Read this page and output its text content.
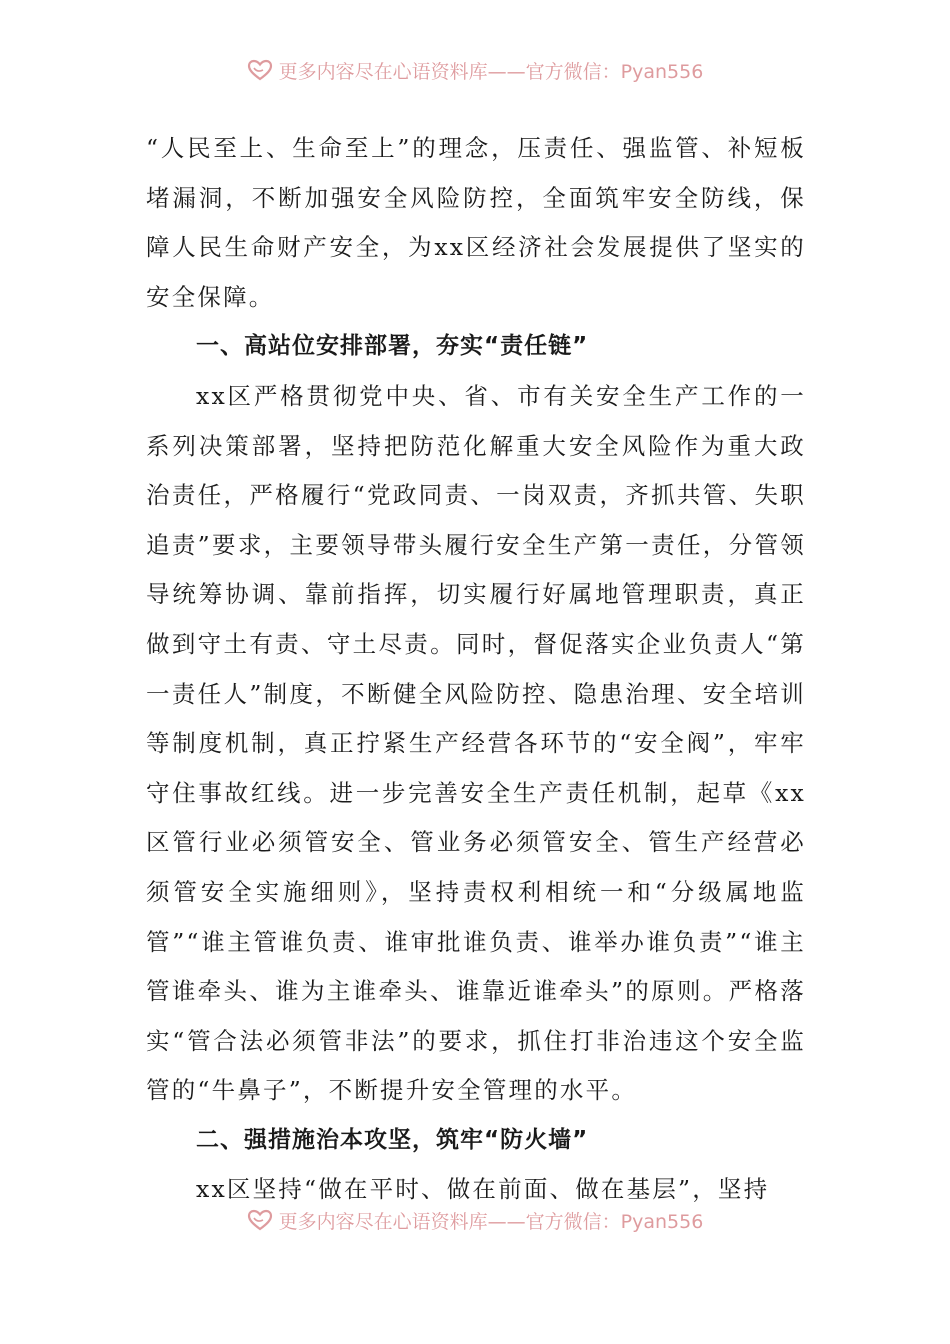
更多内容尽在心语资料库——官方微信：Pyan556

“人民至上、生命至上”的理念，压责任、强监管、补短板堵漏洞，不断加强安全风险防控，全面筑牢安全防线，保障人民生命财产安全，为xx区经济社会发展提供了坚实的安全保障。

一、高站位安排部署，夯实“责任链”

xx区严格贯彻党中央、省、市有关安全生产工作的一系列决策部署，坚持把防范化解重大安全风险作为重大政治责任，严格履行“党政同责、一岗双责，齐抓共管、失职追责”要求，主要领导带头履行安全生产第一责任，分管领导统筹协调、靠前指挥，切实履行好属地管理职责，真正做到守土有责、守土尽责。同时，督促落实企业负责人“第一责任人”制度，不断健全风险防控、隐患治理、安全培训等制度机制，真正拧紧生产经营各环节的“安全阀”，牢牢守住事故红线。进一步完善安全生产责任机制，起草《xx区管行业必须管安全、管业务必须管安全、管生产经营必须管安全实施细则》，坚持责权利相统一和“分级属地监管”“谁主管谁负责、谁审批谁负责、谁举办谁负责”“谁主管谁牵头、谁为主谁牵头、谁靠近谁牵头”的原则。严格落实“管合法必须管非法”的要求，抓住打非治违这个安全监管的“牛鼻子”，不断提升安全管理的水平。

二、强措施治本攻坚，筑牢“防火墙”

xx区坚持“做在平时、做在前面、做在基层”，坚持

更多内容尽在心语资料库——官方微信：Pyan556
